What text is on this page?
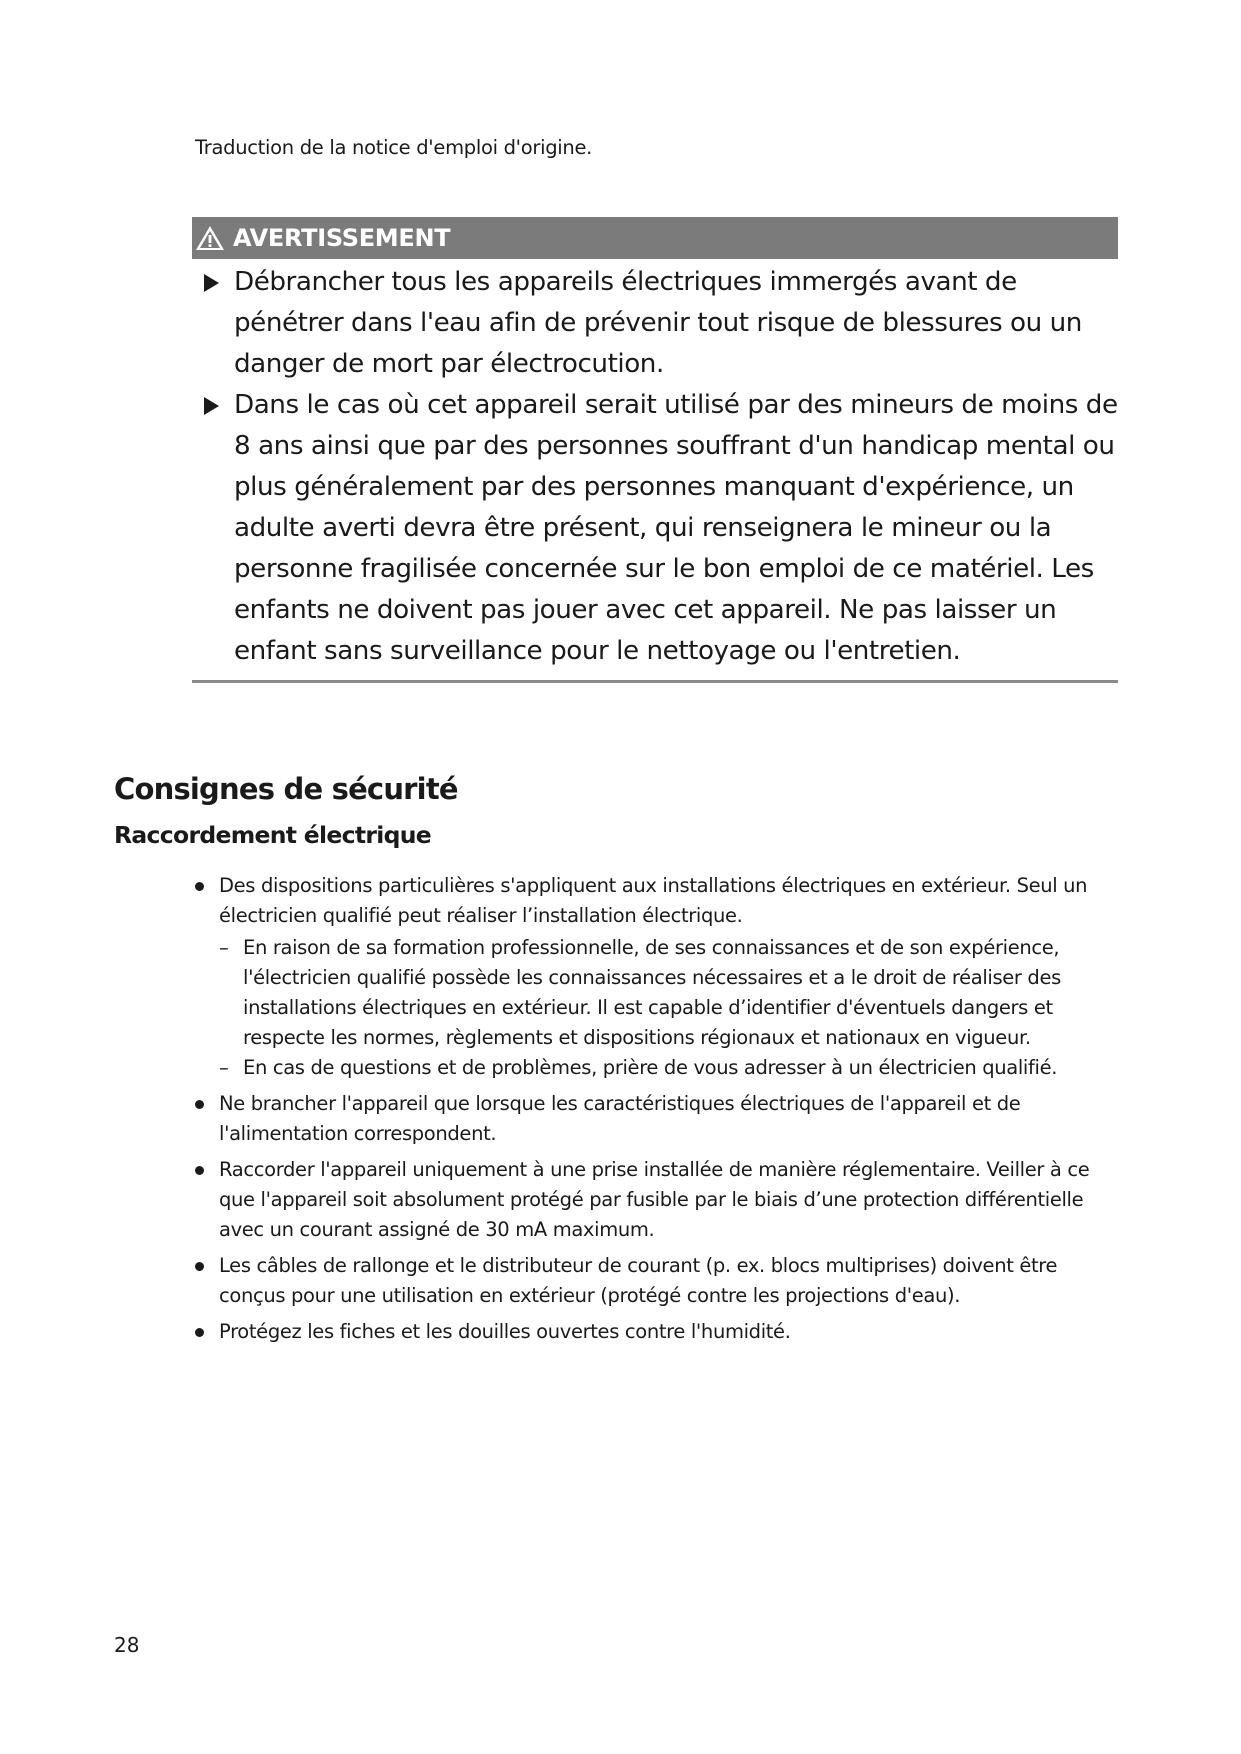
Traduction de la notice d'emploi d'origine.
AVERTISSEMENT
Débrancher tous les appareils électriques immergés avant de pénétrer dans l'eau afin de prévenir tout risque de blessures ou un danger de mort par électrocution.
Dans le cas où cet appareil serait utilisé par des mineurs de moins de 8 ans ainsi que par des personnes souffrant d'un handicap mental ou plus généralement par des personnes manquant d'expérience, un adulte averti devra être présent, qui renseignera le mineur ou la personne fragilisée concernée sur le bon emploi de ce matériel. Les enfants ne doivent pas jouer avec cet appareil. Ne pas laisser un enfant sans surveillance pour le nettoyage ou l'entretien.
Consignes de sécurité
Raccordement électrique
Des dispositions particulières s'appliquent aux installations électriques en extérieur. Seul un électricien qualifié peut réaliser l’installation électrique.
– En raison de sa formation professionnelle, de ses connaissances et de son expérience, l'électricien qualifié possède les connaissances nécessaires et a le droit de réaliser des installations électriques en extérieur. Il est capable d’identifier d'éventuels dangers et respecte les normes, règlements et dispositions régionaux et nationaux en vigueur.
– En cas de questions et de problèmes, prière de vous adresser à un électricien qualifié.
Ne brancher l'appareil que lorsque les caractéristiques électriques de l'appareil et de l'alimentation correspondent.
Raccorder l'appareil uniquement à une prise installée de manière réglementaire. Veiller à ce que l'appareil soit absolument protégé par fusible par le biais d’une protection différentielle avec un courant assigné de 30 mA maximum.
Les câbles de rallonge et le distributeur de courant (p. ex. blocs multiprises) doivent être conçus pour une utilisation en extérieur (protégé contre les projections d'eau).
Protégez les fiches et les douilles ouvertes contre l'humidité.
28
